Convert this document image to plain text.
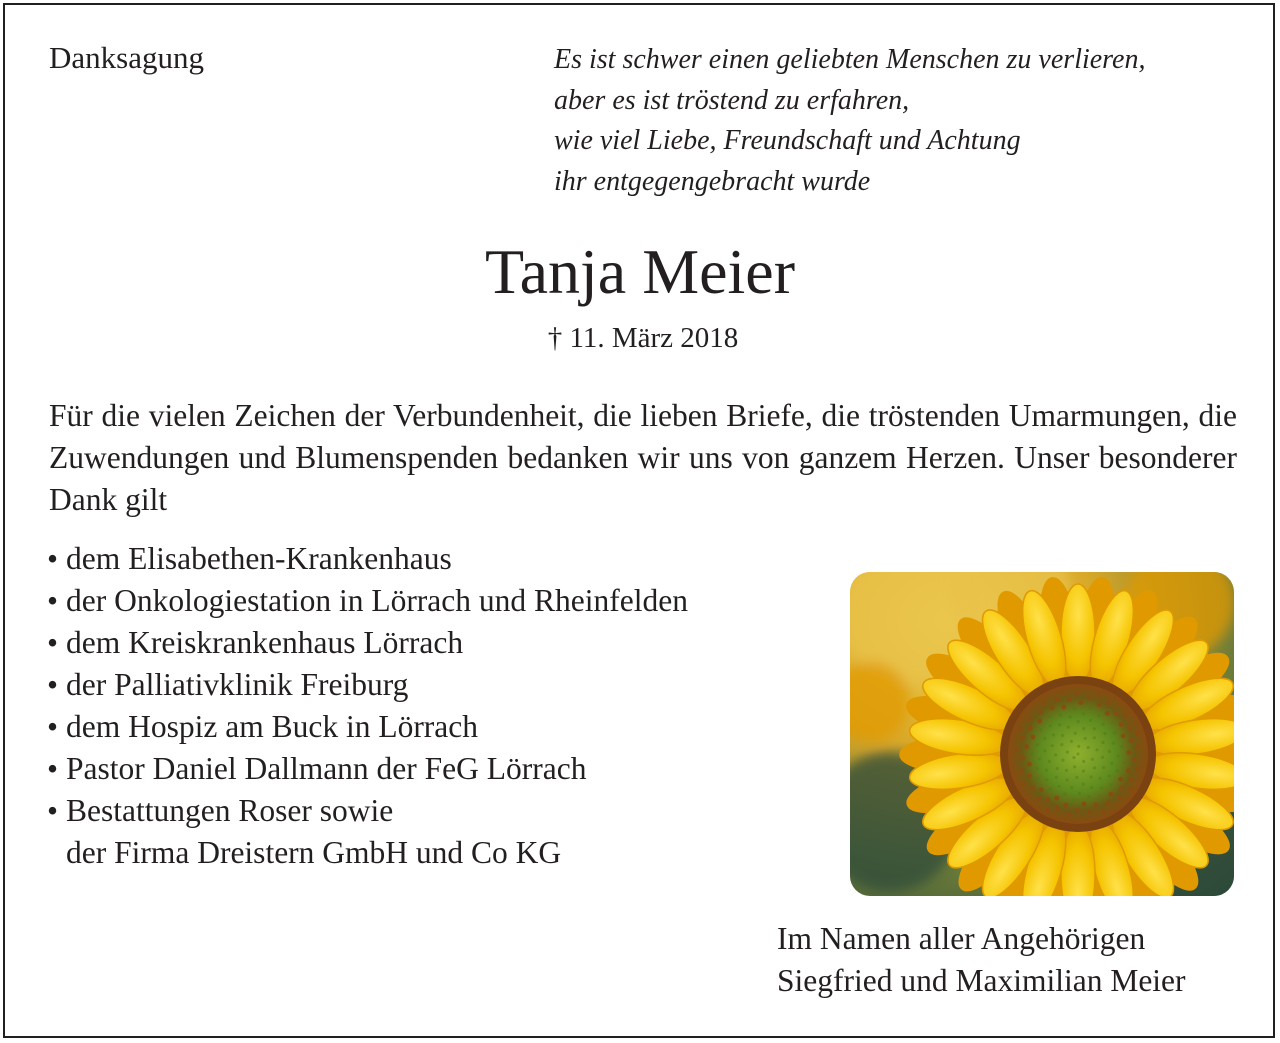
Danksagung	Es ist schwer einen geliebten Menschen zu verlieren,
aber es ist tröstend zu erfahren,
wie viel Liebe, Freundschaft und Achtung
ihr entgegengebracht wurde
Tanja Meier
† 11. März 2018
Für die vielen Zeichen der Verbundenheit, die lieben Briefe, die tröstenden Umarmungen, die Zuwendungen und Blumenspenden bedanken wir uns von ganzem Herzen. Unser besonderer Dank gilt
• dem Elisabethen-Krankenhaus
• der Onkologiestation in Lörrach und Rheinfelden
• dem Kreiskrankenhaus Lörrach
• der Palliativklinik Freiburg
• dem Hospiz am Buck in Lörrach
• Pastor Daniel Dallmann der FeG Lörrach
• Bestattungen Roser sowie
der Firma Dreistern GmbH und Co KG
Im Namen aller Angehörigen
Siegfried und Maximilian Meier
